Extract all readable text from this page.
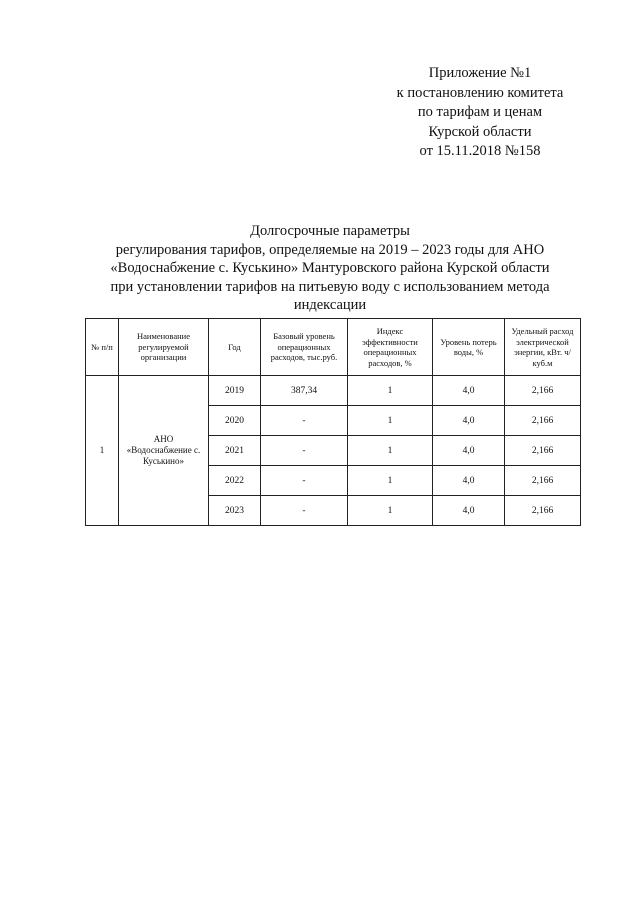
Приложение №1
к постановлению комитета
по тарифам и ценам
Курской области
от 15.11.2018 №158
Долгосрочные параметры
регулирования тарифов, определяемые на 2019 – 2023 годы для АНО
«Водоснабжение с. Куськино» Мантуровского района Курской области
при установлении тарифов на питьевую воду с использованием метода
индексации
№ п/п	Наименование регулируемой организации	Год	Базовый уровень операционных расходов, тыс.руб.	Индекс эффективности операционных расходов, %	Уровень потерь воды, %	Удельный расход электрической энергии, кВт. ч/куб.м
1	АНО «Водоснабжение с. Куськино»	2019	387,34	1	4,0	2,166
		2020	-	1	4,0	2,166
		2021	-	1	4,0	2,166
		2022	-	1	4,0	2,166
		2023	-	1	4,0	2,166
